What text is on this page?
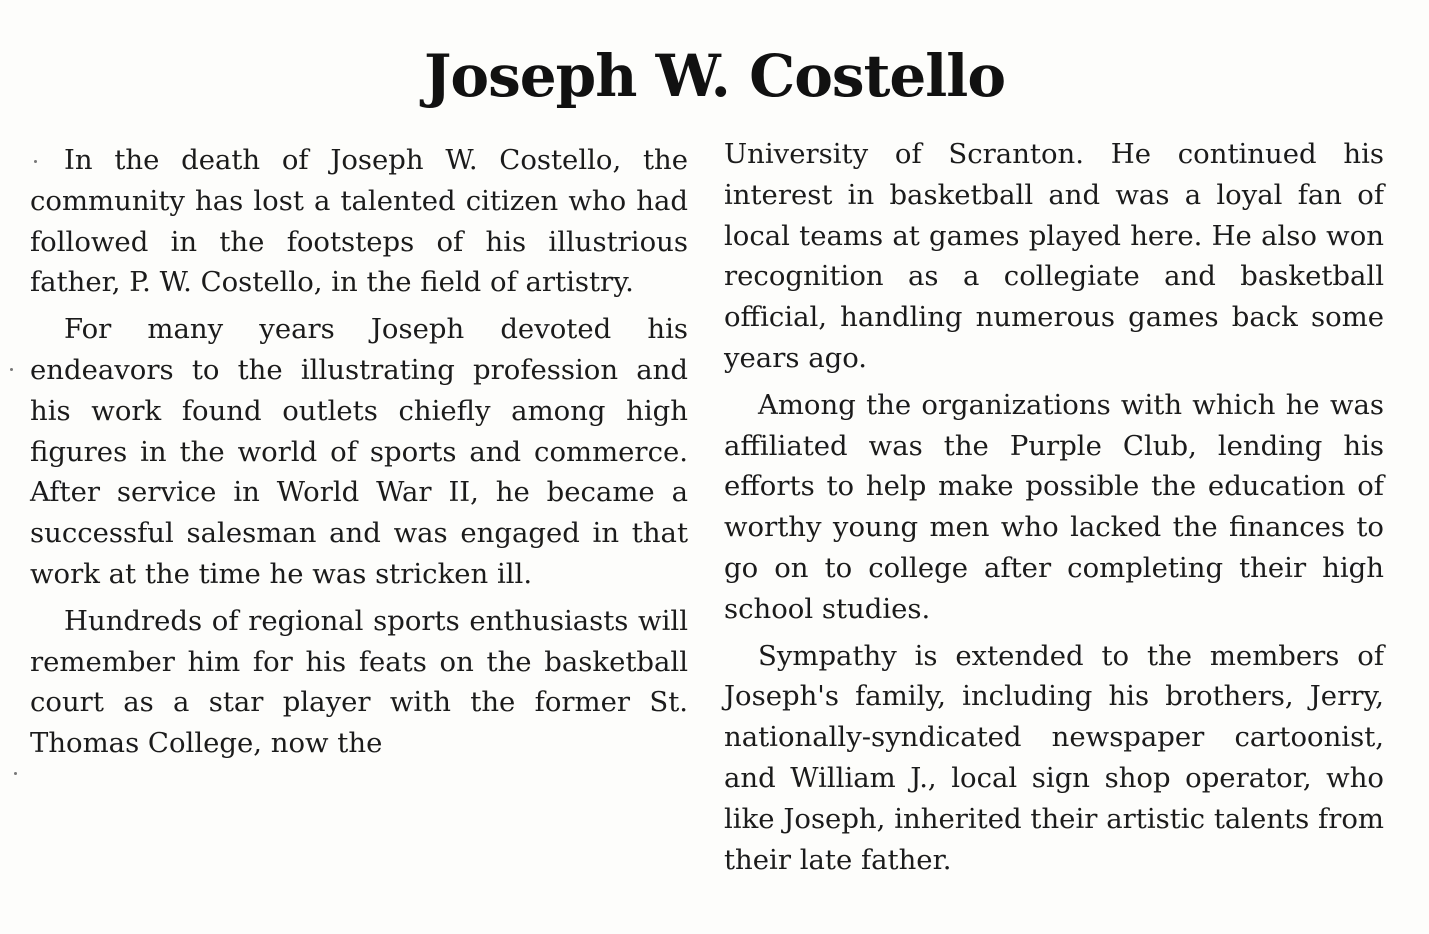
Joseph W. Costello

In the death of Joseph W. Costello, the community has lost a talented citizen who had followed in the footsteps of his illustrious father, P. W. Costello, in the field of artistry.

For many years Joseph devoted his endeavors to the illustrating profession and his work found outlets chiefly among high figures in the world of sports and commerce. After service in World War II, he became a successful salesman and was engaged in that work at the time he was stricken ill.

Hundreds of regional sports enthusiasts will remember him for his feats on the basketball court as a star player with the former St. Thomas College, now the

University of Scranton. He continued his interest in basketball and was a loyal fan of local teams at games played here. He also won recognition as a collegiate and basketball official, handling numerous games back some years ago.

Among the organizations with which he was affiliated was the Purple Club, lending his efforts to help make possible the education of worthy young men who lacked the finances to go on to college after completing their high school studies.

Sympathy is extended to the members of Joseph's family, including his brothers, Jerry, nationally-syndicated newspaper cartoonist, and William J., local sign shop operator, who like Joseph, inherited their artistic talents from their late father.
